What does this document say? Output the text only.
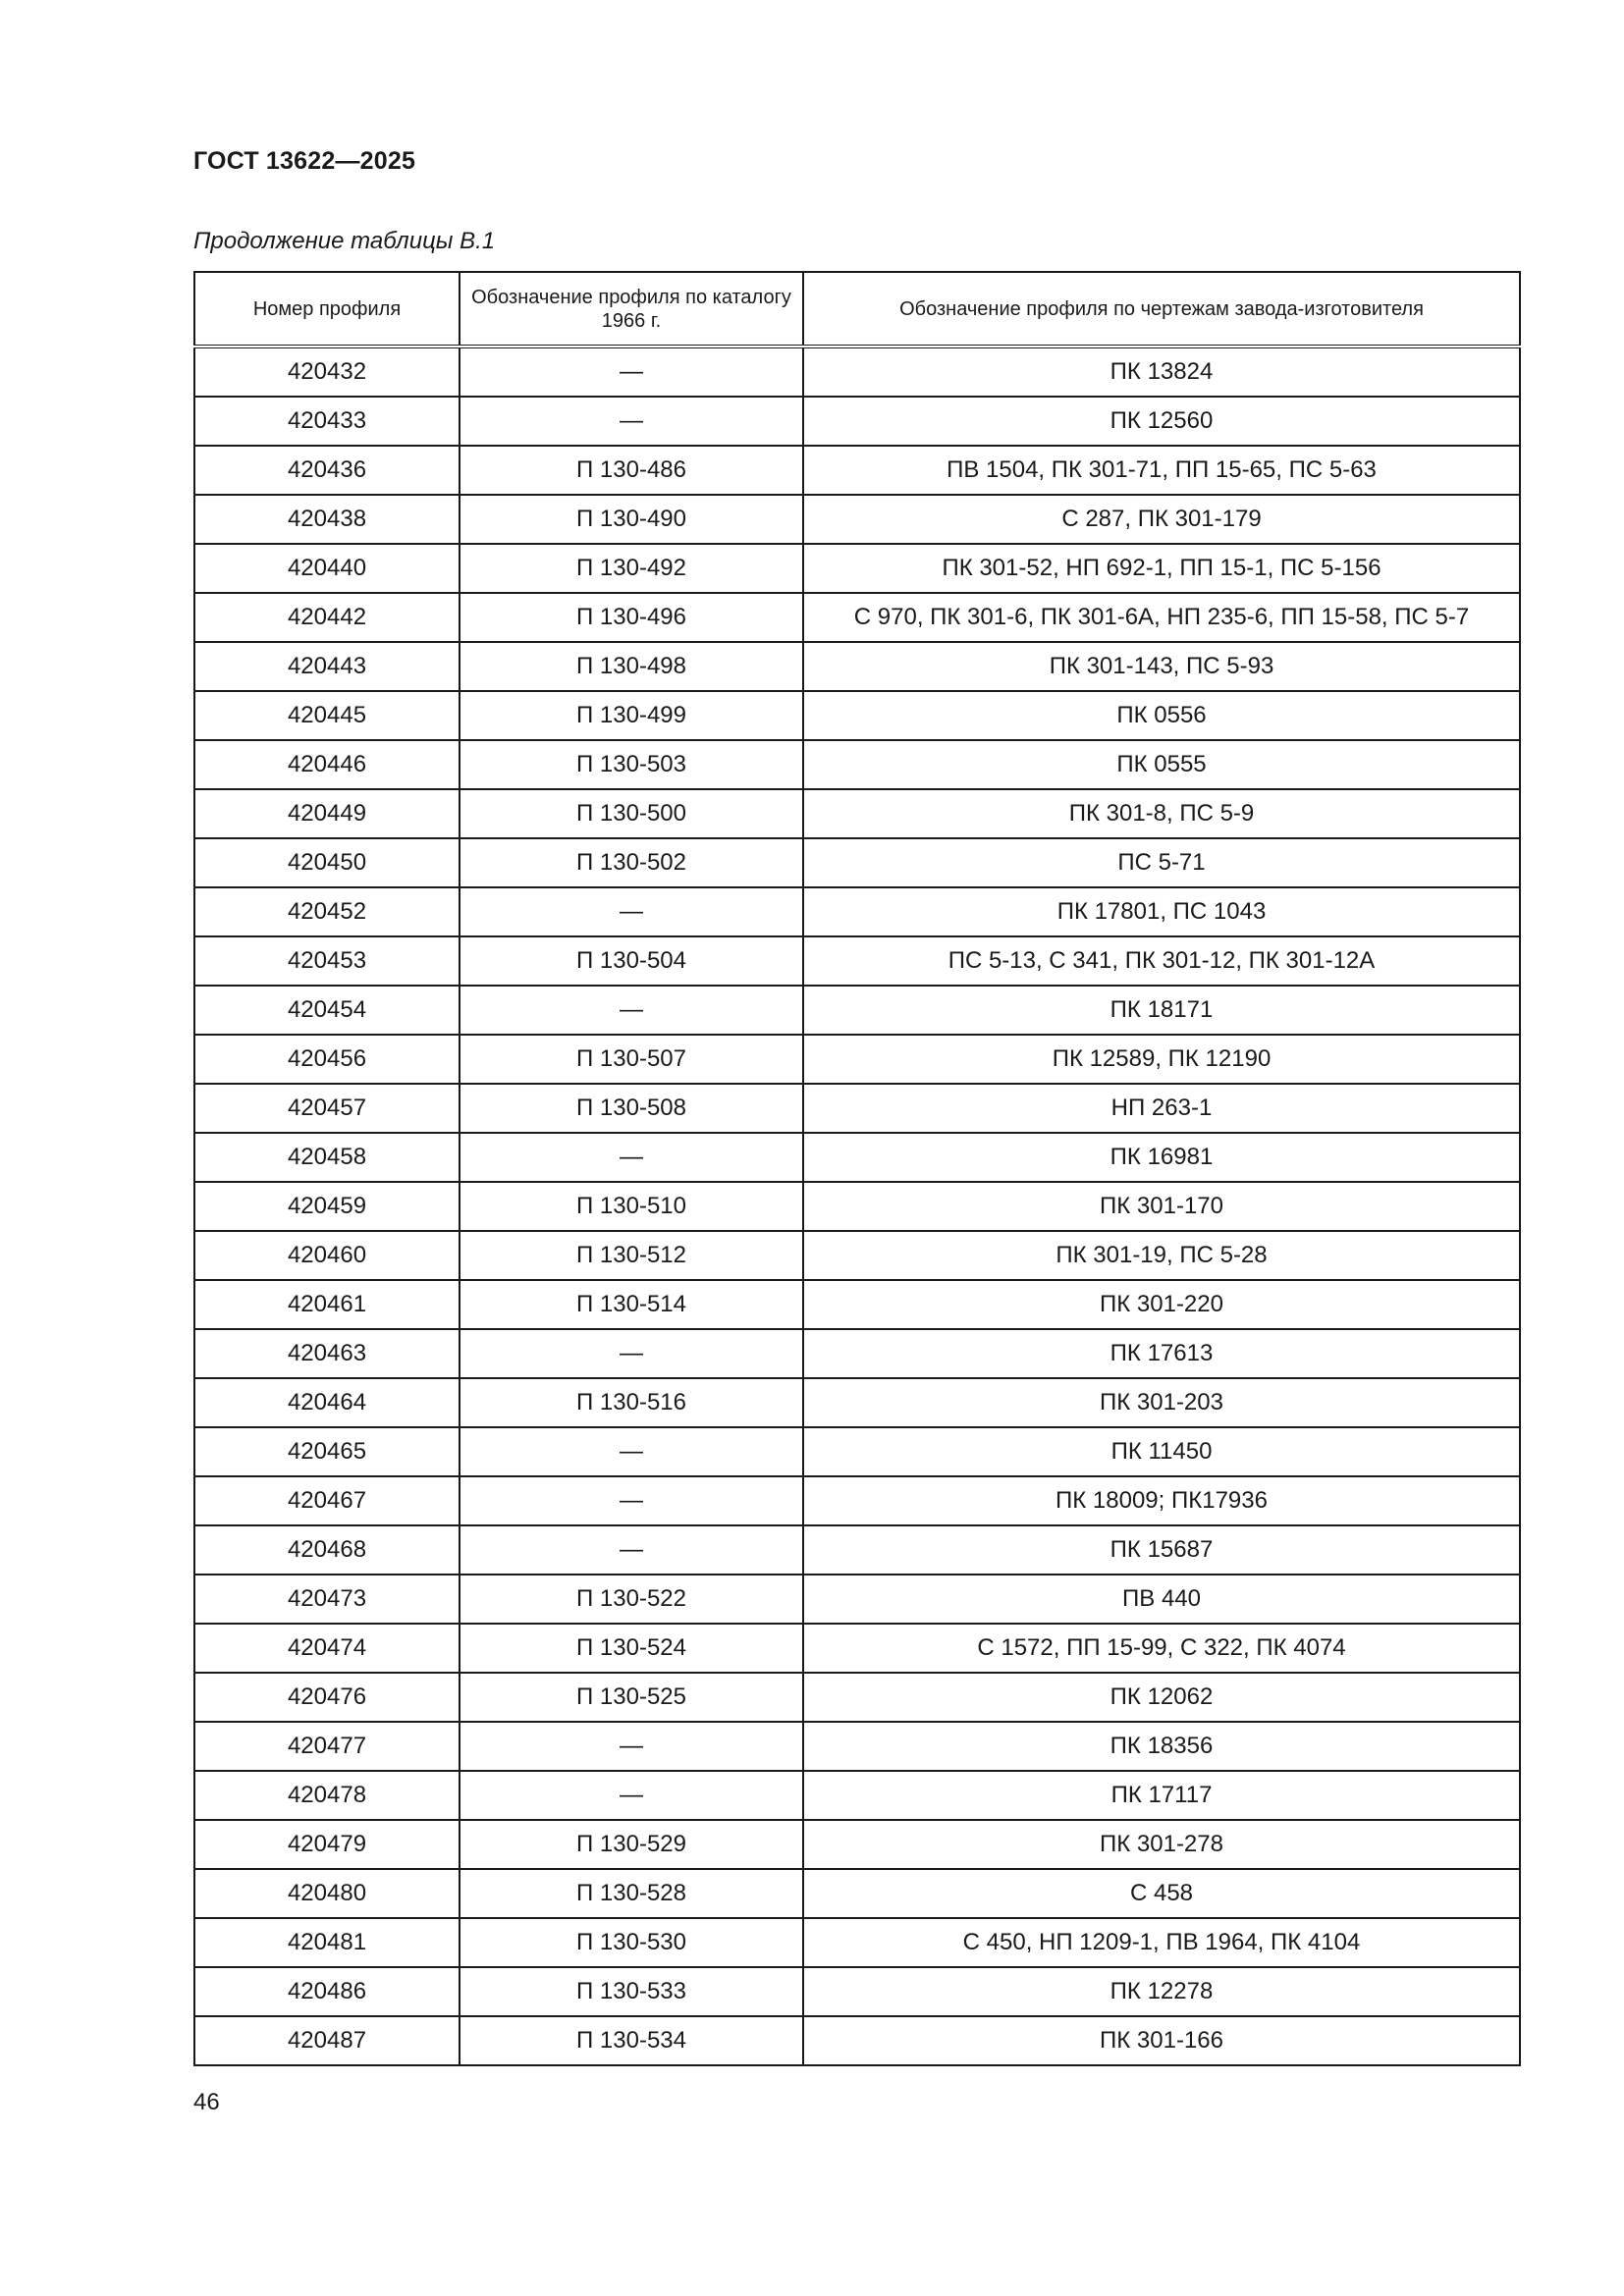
ГОСТ 13622—2025
Продолжение таблицы В.1
Номер профиля	Обозначение профиля по каталогу 1966 г.	Обозначение профиля по чертежам завода-изготовителя
420432	—	ПК 13824
420433	—	ПК 12560
420436	П 130-486	ПВ 1504, ПК 301-71, ПП 15-65, ПС 5-63
420438	П 130-490	С 287, ПК 301-179
420440	П 130-492	ПК 301-52, НП 692-1, ПП 15-1, ПС 5-156
420442	П 130-496	С 970, ПК 301-6, ПК 301-6А, НП 235-6, ПП 15-58, ПС 5-7
420443	П 130-498	ПК 301-143, ПС 5-93
420445	П 130-499	ПК 0556
420446	П 130-503	ПК 0555
420449	П 130-500	ПК 301-8, ПС 5-9
420450	П 130-502	ПС 5-71
420452	—	ПК 17801, ПС 1043
420453	П 130-504	ПС 5-13, С 341, ПК 301-12, ПК 301-12А
420454	—	ПК 18171
420456	П 130-507	ПК 12589, ПК 12190
420457	П 130-508	НП 263-1
420458	—	ПК 16981
420459	П 130-510	ПК 301-170
420460	П 130-512	ПК 301-19, ПС 5-28
420461	П 130-514	ПК 301-220
420463	—	ПК 17613
420464	П 130-516	ПК 301-203
420465	—	ПК 11450
420467	—	ПК 18009; ПК17936
420468	—	ПК 15687
420473	П 130-522	ПВ 440
420474	П 130-524	С 1572, ПП 15-99, С 322, ПК 4074
420476	П 130-525	ПК 12062
420477	—	ПК 18356
420478	—	ПК 17117
420479	П 130-529	ПК 301-278
420480	П 130-528	С 458
420481	П 130-530	С 450, НП 1209-1, ПВ 1964, ПК 4104
420486	П 130-533	ПК 12278
420487	П 130-534	ПК 301-166
46
